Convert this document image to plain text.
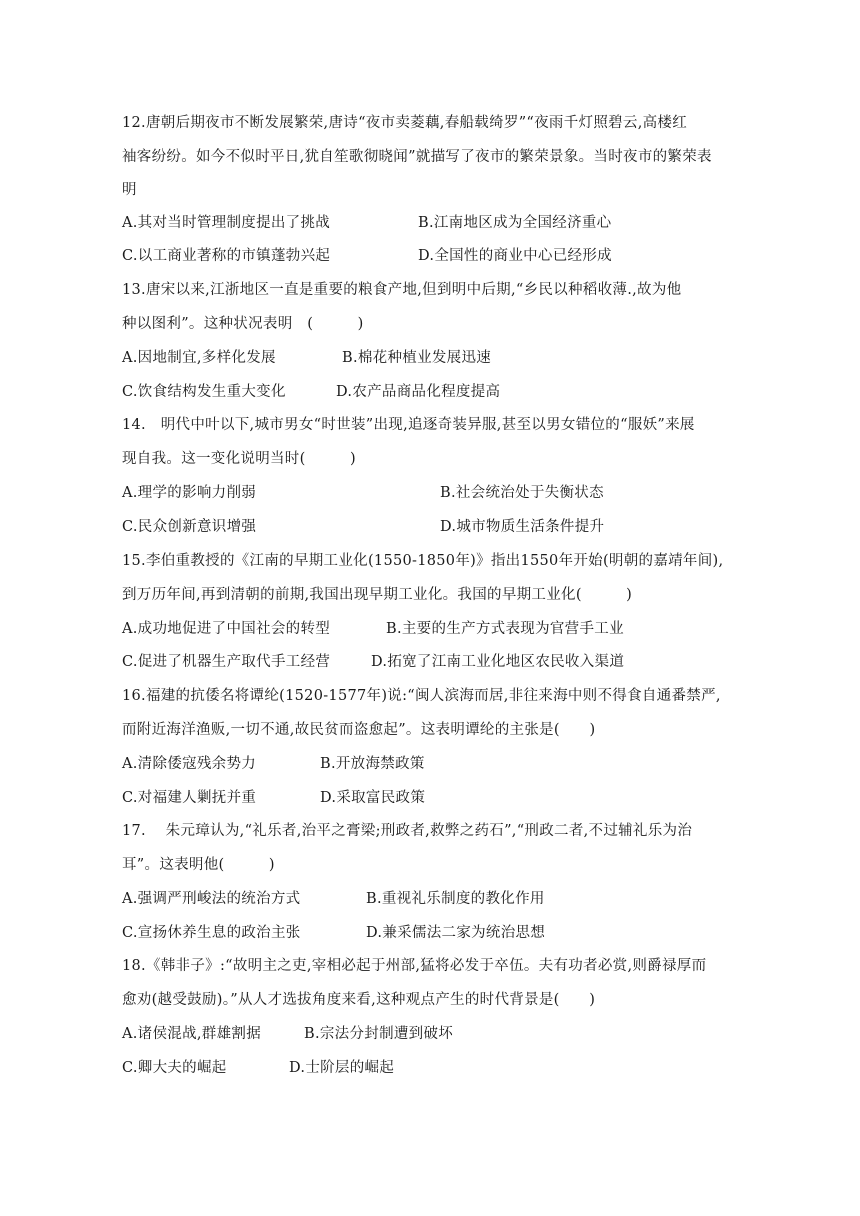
12.唐朝后期夜市不断发展繁荣,唐诗“夜市卖菱藕,春船载绮罗”“夜雨千灯照碧云,高楼红
袖客纷纷。如今不似时平日,犹自笙歌彻晓闻”就描写了夜市的繁荣景象。当时夜市的繁荣表
明
A.其对当时管理制度提出了挑战	B.江南地区成为全国经济重心
C.以工商业著称的市镇蓬勃兴起	D.全国性的商业中心已经形成
13.唐宋以来,江浙地区一直是重要的粮食产地,但到明中后期,“乡民以种稻收薄.,故为他
种以图利”。这种状况表明　(　　　)
A.因地制宜,多样化发展	B.棉花种植业发展迅速
C.饮食结构发生重大变化	D.农产品商品化程度提高
14.　明代中叶以下,城市男女“时世装”出现,追逐奇装异服,甚至以男女错位的“服妖”来展
现自我。这一变化说明当时(　　　)
A.理学的影响力削弱	B.社会统治处于失衡状态
C.民众创新意识增强	D.城市物质生活条件提升
15.李伯重教授的《江南的早期工业化(1550-1850年)》指出1550年开始(明朝的嘉靖年间),
到万历年间,再到清朝的前期,我国出现早期工业化。我国的早期工业化(　　　)
A.成功地促进了中国社会的转型	B.主要的生产方式表现为官营手工业
C.促进了机器生产取代手工经营	D.拓宽了江南工业化地区农民收入渠道
16.福建的抗倭名将谭纶(1520-1577年)说:“闽人滨海而居,非往来海中则不得食自通番禁严,
而附近海洋渔贩,一切不通,故民贫而盗愈起”。这表明谭纶的主张是(　　)
A.清除倭寇残余势力	B.开放海禁政策
C.对福建人剿抚并重	D.采取富民政策
17.　 朱元璋认为,“礼乐者,治平之膏梁;刑政者,救弊之药石”,“刑政二者,不过辅礼乐为治
耳”。这表明他(　　　)
A.强调严刑峻法的统治方式	B.重视礼乐制度的教化作用
C.宣扬休养生息的政治主张	D.兼采儒法二家为统治思想
18.《韩非子》:“故明主之吏,宰相必起于州部,猛将必发于卒伍。夫有功者必赏,则爵禄厚而
愈劝(越受鼓励)。”从人才选拔角度来看,这种观点产生的时代背景是(　　)
A.诸侯混战,群雄割据	B.宗法分封制遭到破坏
C.卿大夫的崛起	D.士阶层的崛起
